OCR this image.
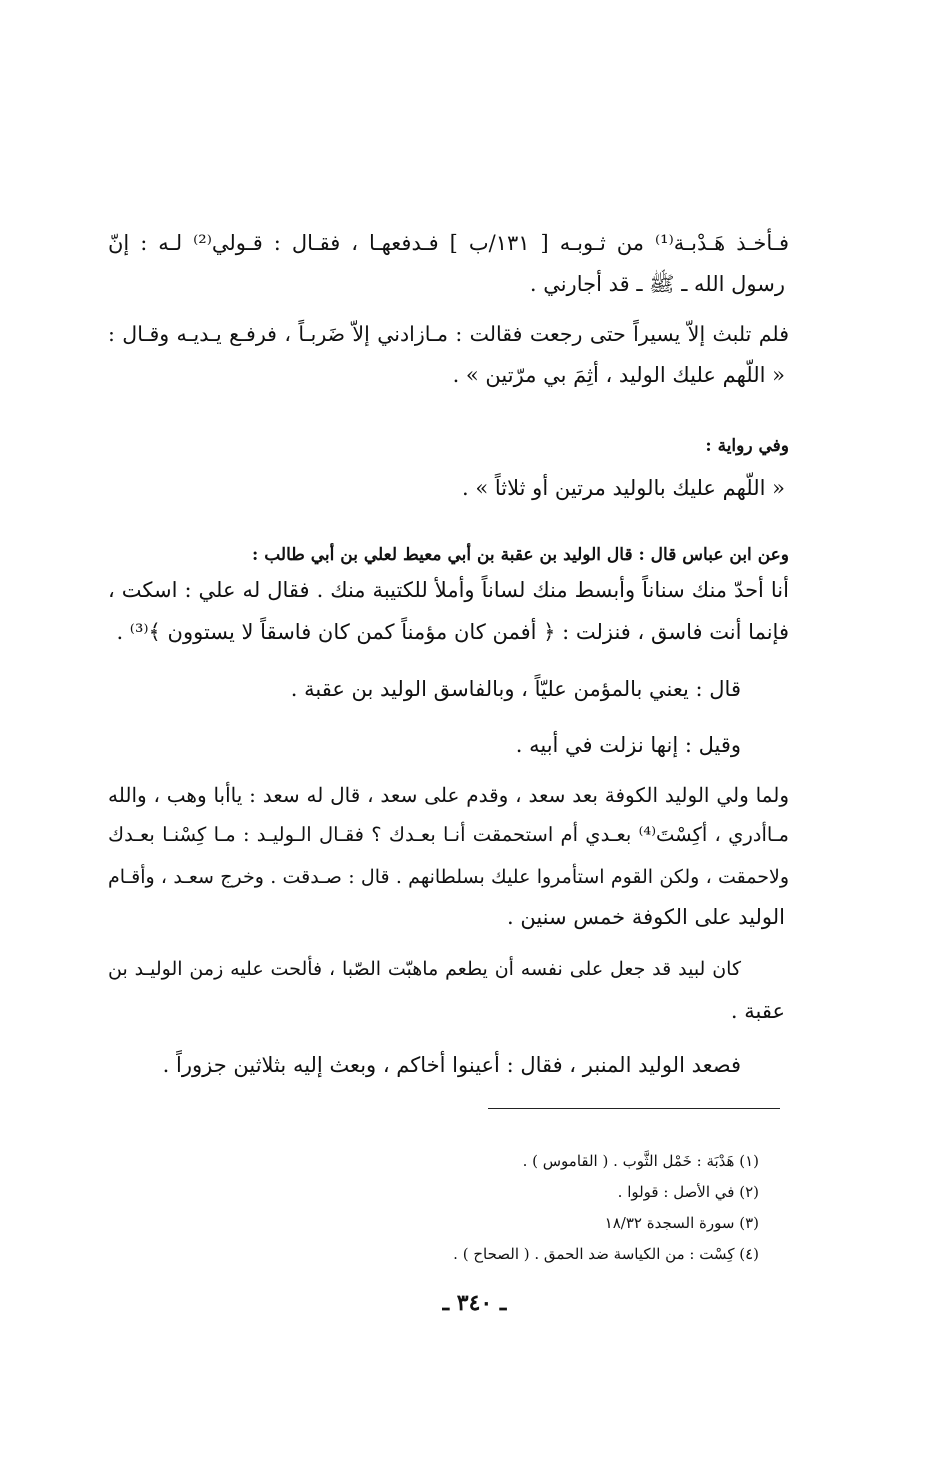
فـأخـذ هَـدْبـة⁽¹⁾ من ثـوبـه [ ١٣١/ب ] فـدفعهـا ، فقـال : قـولي⁽²⁾ لـه : إنّ
رسول الله ـ ﷺ ـ قد أجارني .
فلم تلبث إلاّ يسيراً حتى رجعت فقالت : مـازادني إلاّ ضَربـاً ، فرفـع يـديـه وقـال :
« اللّهم عليك الوليد ، أثِمَ بي مرّتين » .
وفي رواية :
« اللّهم عليك بالوليد مرتين أو ثلاثاً » .
وعن ابن عباس قال : قال الوليد بن عقبة بن أبي معيط لعلي بن أبي طالب :
أنا أحدّ منك سناناً وأبسط منك لساناً وأملأ للكتيبة منك . فقال له علي : اسكت ،
فإنما أنت فاسق ، فنزلت : ﴿ أفمن كان مؤمناً كمن كان فاسقاً لا يستوون ﴾⁽³⁾ .
قال : يعني بالمؤمن عليّاً ، وبالفاسق الوليد بن عقبة .
وقيل : إنها نزلت في أبيه .
ولما ولي الوليد الكوفة بعد سعد ، وقدم على سعد ، قال له سعد : ياأبا وهب ، والله
مـاأدري ، أكِسْتَ⁽⁴⁾ بعـدي أم استحمقت أنـا بعـدك ؟ فقـال الـوليـد : مـا كِسْنـا بعـدك
ولاحمقت ، ولكن القوم استأمروا عليك بسلطانهم . قال : صـدقت . وخرج سعـد ، وأقـام
الوليد على الكوفة خمس سنين .
كان لبيد قد جعل على نفسه أن يطعم ماهبّت الصّبا ، فألحت عليه زمن الوليـد بن
عقبة .
فصعد الوليد المنبر ، فقال : أعينوا أخاكم ، وبعث إليه بثلاثين جزوراً .
(١) هَدْبَة : خَمْل الثَّوب . ( القاموس ) .
(٢) في الأصل : قولوا .
(٣) سورة السجدة ١٨/٣٢
(٤) كِسْت : من الكياسة ضد الحمق . ( الصحاح ) .
ـ ٣٤٠ ـ
